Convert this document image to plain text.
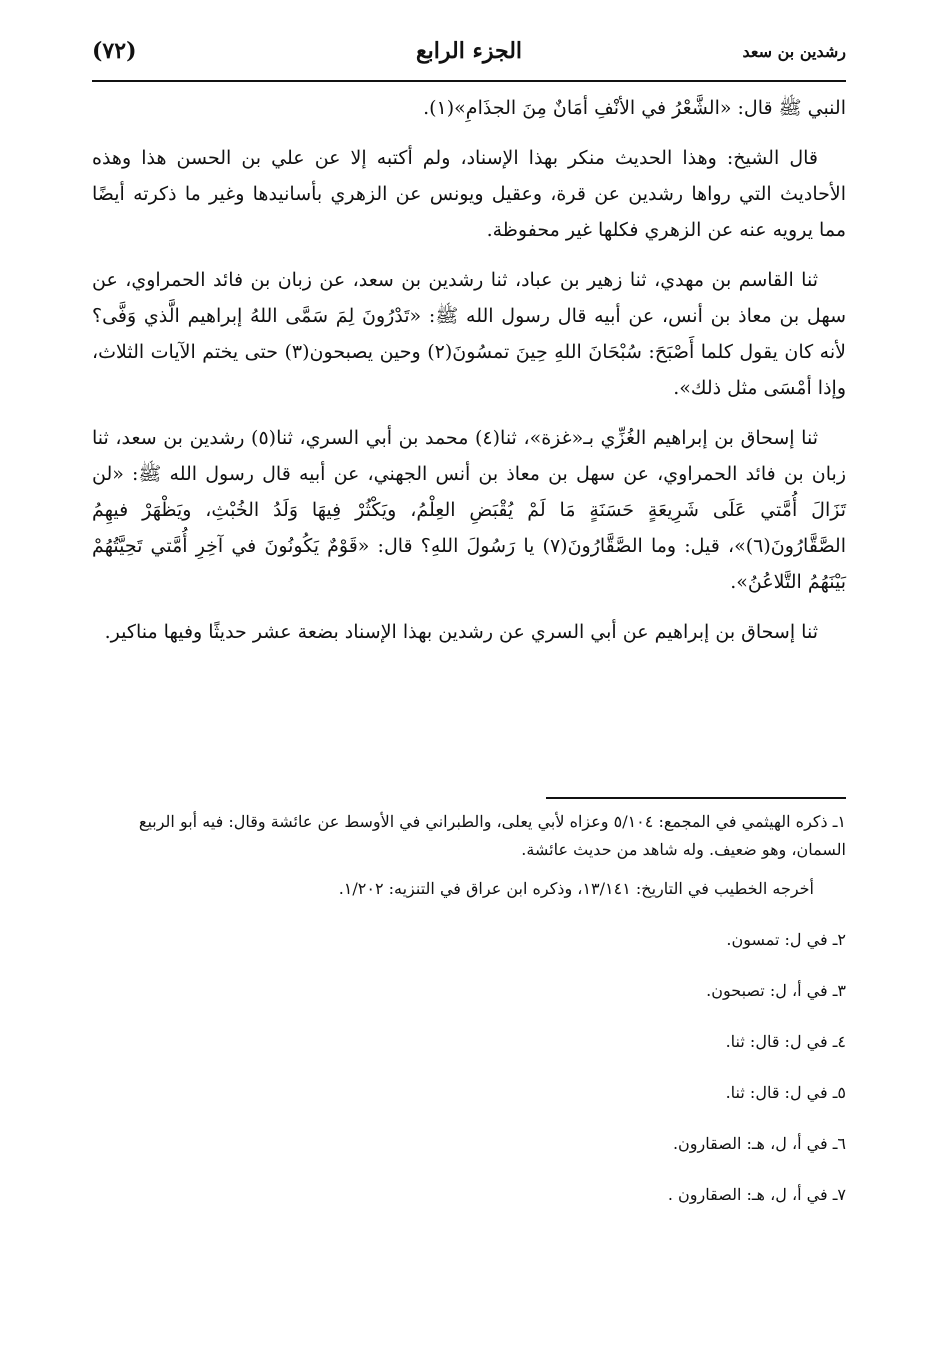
(٧٢)	الجزء الرابع	رشدين بن سعد

النبي ﷺ قال: «الشَّعْرُ في الأنْفِ أمَانٌ مِنَ الجذَامِ»(١).

قال الشيخ: وهذا الحديث منكر بهذا الإسناد، ولم أكتبه إلا عن علي بن الحسن هذا وهذه الأحاديث التي رواها رشدين عن قرة، وعقيل ويونس عن الزهري بأسانيدها وغير ما ذكرته أيضًا مما يرويه عنه عن الزهري فكلها غير محفوظة.

ثنا القاسم بن مهدي، ثنا زهير بن عباد، ثنا رشدين بن سعد، عن زبان بن فائد الحمراوي، عن سهل بن معاذ بن أنس، عن أبيه قال رسول الله ﷺ: «تَدْرُونَ لِمَ سَمَّى اللهُ إبراهيم الَّذي وَفَّى؟ لأنه كان يقول كلما أَصْبَحَ: سُبْحَانَ اللهِ حِينَ تمسُونَ(٢) وحين يصبحون(٣) حتى يختم الآيات الثلاث، وإذا أمْسَى مثل ذلك».

ثنا إسحاق بن إبراهيم الغُزِّي بـ«غزة»، ثنا(٤) محمد بن أبي السري، ثنا(٥) رشدين بن سعد، ثنا زبان بن فائد الحمراوي، عن سهل بن معاذ بن أنس الجهني، عن أبيه قال رسول الله ﷺ: «لن تَزَالَ أُمَّتي عَلَى شَرِيعَةٍ حَسَنَةٍ مَا لَمْ يُقْبَضِ العِلْمُ، ويَكْثُرْ فِيهَا وَلَدُ الخُبْثِ، ويَظْهَرْ فيهِمُ الصَّقَّارُونَ(٦)»، قيل: وما الصَّقَّارُونَ(٧) يا رَسُولَ اللهِ؟ قال: «قَوْمٌ يَكُونُونَ في آخِرِ أُمَّتي تَحِيَّتُهُمْ بَيْنَهُمُ التَّلاعُنُ».

ثنا إسحاق بن إبراهيم عن أبي السري عن رشدين بهذا الإسناد بضعة عشر حديثًا وفيها مناكير.

١ـ ذكره الهيثمي في المجمع: ٥/١٠٤ وعزاه لأبي يعلى، والطبراني في الأوسط عن عائشة وقال: فيه أبو الربيع السمان، وهو ضعيف. وله شاهد من حديث عائشة.
أخرجه الخطيب في التاريخ: ١٣/١٤١، وذكره ابن عراق في التنزيه: ١/٢٠٢.
٢ـ في ل: تمسون.
٣ـ في أ، ل: تصبحون.
٤ـ في ل: قال: ثنا.
٥ـ في ل: قال: ثنا.
٦ـ في أ، ل، هـ: الصقارون.
٧ـ في أ، ل، هـ: الصقارون .
